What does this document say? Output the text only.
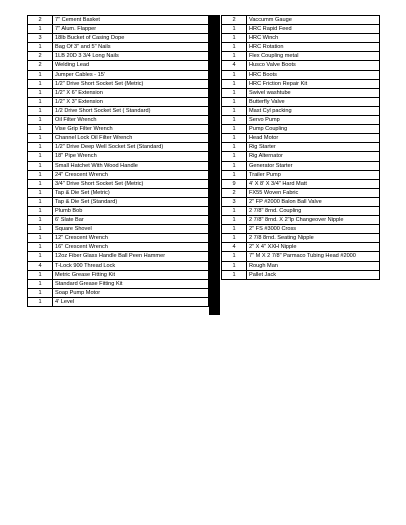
2	7" Cement Basket
1	7" Alum. Flapper
3	18lb Bucket of Casing Dope
1	Bag Of 3" and 5" Nails
2	1LB 20D 3 3/4 Long Nails
2	Welding Lead
1	Jumper Cables - 15'
1	1/2" Drive Short Socket Set (Metric)
1	1/2" X 6" Extension
1	1/2" X 3" Extension
1	1/2 Drive Short Socket Set ( Standard)
1	Oil Filter Wrench
1	Vise Grip Filter Wrench
1	Channel Lock Oil Filter Wrench
1	1/2" Drive Deep Well Socket Set (Standard)
1	18" Pipe Wrench
1	Small Hatchet With Wood Handle
1	24" Crescent Wrench
1	3/4" Drive Short Socket Set (Metric)
1	Tap & Die Set (Metric)
1	Tap & Die Set (Standard)
1	Plumb Bob
1	6' Slate Bar
1	Square Shovel
1	12" Crescent Wrench
1	16" Crescent Wrench
1	12oz Fiber Glass Handle Ball Peen Hammer
4	T-Lock 900 Thread Lock
1	Metric Grease Fitting Kit
1	Standard Grease Fitting Kit
1	Soap Pump Motor
1	4' Level
2	Vaccumm Gauge
1	HRC Rapid Feed
1	HRC Winch
1	HRC Rotation
1	Flex Coupling metal
4	Husco Valve Boots
1	HRC Boots
1	HRC Friction Repair Kit
1	Swivel washtube
1	Butterfly Valve
1	Mast Cyl packing
1	Servo Pump
1	Pump Coupling
1	Head Motor
1	Rig Starter
1	Rig Alternator
1	Generator Starter
1	Trailer Pump
9	4' X 8' X 3/4" Hard Matt
2	FX55 Woven Fabric
3	2" FP #2000 Balon Ball Valve
1	2 7/8" 8rnd. Coupling
1	2 7/8" 8rnd. X 2"lp Changeover Nipple
1	2" FS #3000 Cross
1	2 7/8 8rnd. Seating Nipple
4	2" X 4" XXH Nipple
1	7" M X 2 7/8" Parmaco Tubing Head #2000
1	Rough Man
1	Pallet Jack
